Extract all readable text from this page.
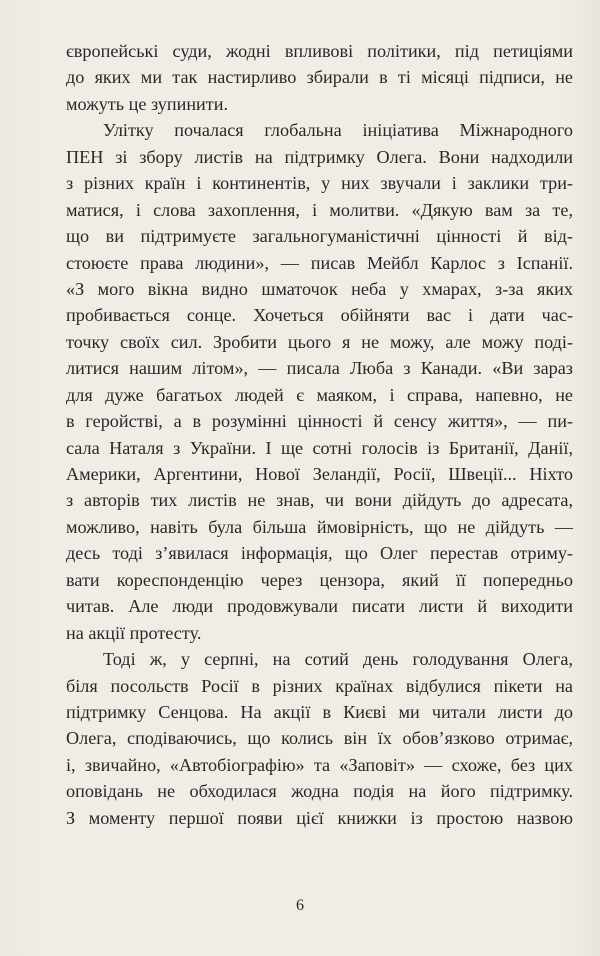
європейські суди, жодні впливові політики, під петиціями
до яких ми так настирливо збирали в ті місяці підписи, не
можуть це зупинити.
Улітку почалася глобальна ініціатива Міжнародного
ПЕН зі збору листів на підтримку Олега. Вони надходили
з різних країн і континентів, у них звучали і заклики три-
матися, і слова захоплення, і молитви. «Дякую вам за те,
що ви підтримуєте загальногуманістичні цінності й від-
стоюєте права людини», — писав Мейбл Карлос з Іспанії.
«З мого вікна видно шматочок неба у хмарах, з-за яких
пробивається сонце. Хочеться обійняти вас і дати час-
точку своїх сил. Зробити цього я не можу, але можу поді-
литися нашим літом», — писала Люба з Канади. «Ви зараз
для дуже багатьох людей є маяком, і справа, напевно, не
в геройстві, а в розумінні цінності й сенсу життя», — пи-
сала Наталя з України. І ще сотні голосів із Британії, Данії,
Америки, Аргентини, Нової Зеландії, Росії, Швеції... Ніхто
з авторів тих листів не знав, чи вони дійдуть до адресата,
можливо, навіть була більша ймовірність, що не дійдуть —
десь тоді з’явилася інформація, що Олег перестав отриму-
вати кореспонденцію через цензора, який її попередньо
читав. Але люди продовжували писати листи й виходити
на акції протесту.
Тоді ж, у серпні, на сотий день голодування Олега,
біля посольств Росії в різних країнах відбулися пікети на
підтримку Сенцова. На акції в Києві ми читали листи до
Олега, сподіваючись, що колись він їх обов’язково отримає,
і, звичайно, «Автобіографію» та «Заповіт» — схоже, без цих
оповідань не обходилася жодна подія на його підтримку.
З моменту першої появи цієї книжки із простою назвою
6
